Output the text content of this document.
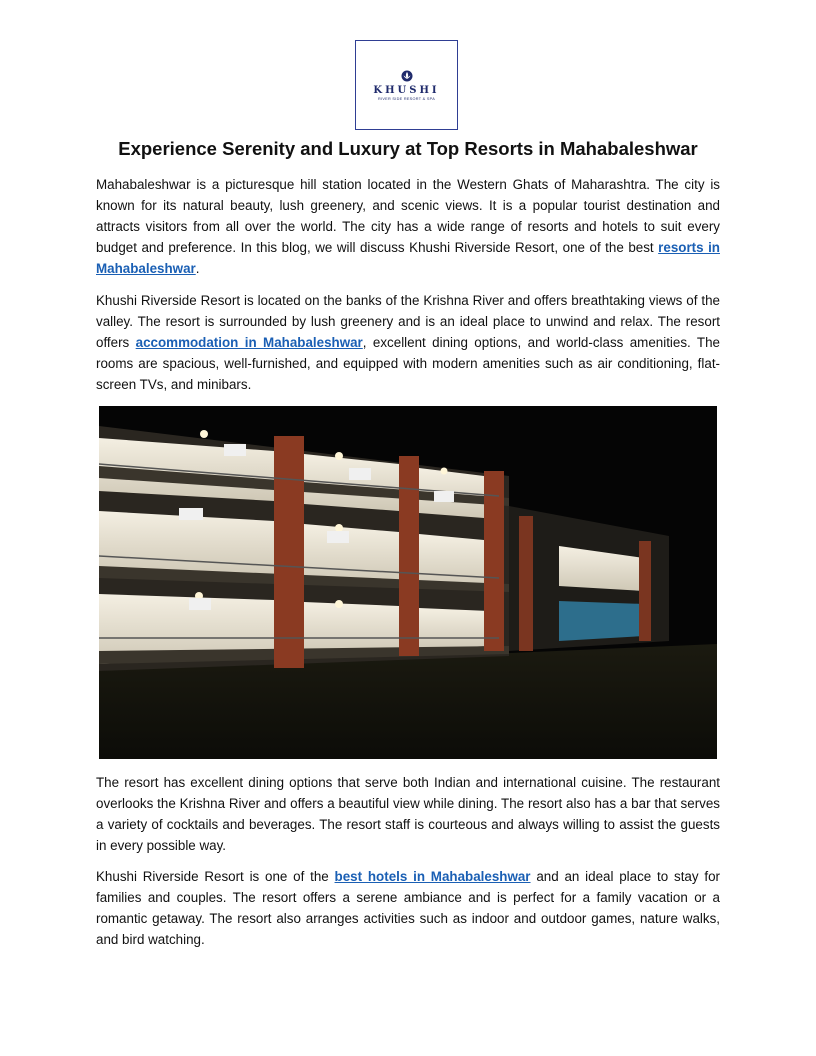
KHUSHI
RIVER SIDE RESORT & SPA
Experience Serenity and Luxury at Top Resorts in Mahabaleshwar

Mahabaleshwar is a picturesque hill station located in the Western Ghats of Maharashtra. The city is known for its natural beauty, lush greenery, and scenic views. It is a popular tourist destination and attracts visitors from all over the world. The city has a wide range of resorts and hotels to suit every budget and preference. In this blog, we will discuss Khushi Riverside Resort, one of the best resorts in Mahabaleshwar.

Khushi Riverside Resort is located on the banks of the Krishna River and offers breathtaking views of the valley. The resort is surrounded by lush greenery and is an ideal place to unwind and relax. The resort offers accommodation in Mahabaleshwar, excellent dining options, and world-class amenities. The rooms are spacious, well-furnished, and equipped with modern amenities such as air conditioning, flat-screen TVs, and minibars.

The resort has excellent dining options that serve both Indian and international cuisine. The restaurant overlooks the Krishna River and offers a beautiful view while dining. The resort also has a bar that serves a variety of cocktails and beverages. The resort staff is courteous and always willing to assist the guests in every possible way.

Khushi Riverside Resort is one of the best hotels in Mahabaleshwar and an ideal place to stay for families and couples. The resort offers a serene ambiance and is perfect for a family vacation or a romantic getaway. The resort also arranges activities such as indoor and outdoor games, nature walks, and bird watching.
